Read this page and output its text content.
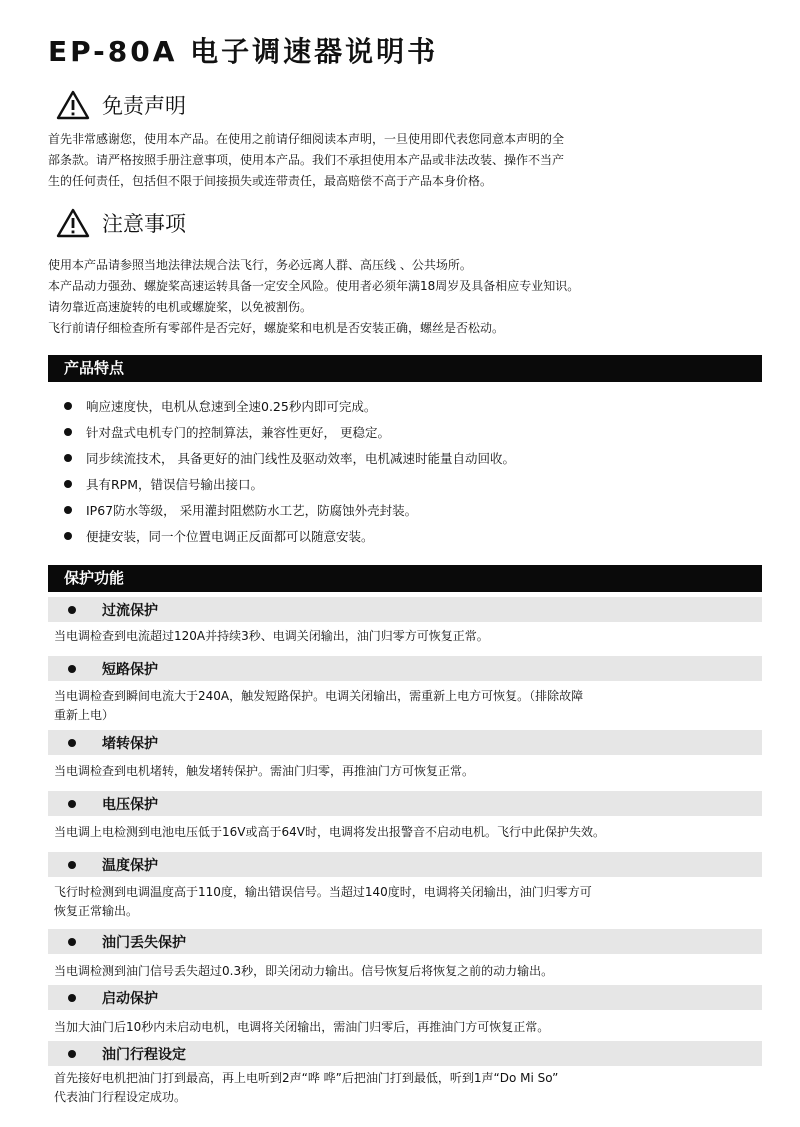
EP-80A 电子调速器说明书
免责声明
首先非常感谢您，使用本产品。在使用之前请仔细阅读本声明，一旦使用即代表您同意本声明的全
部条款。请严格按照手册注意事项，使用本产品。我们不承担使用本产品或非法改装、操作不当产
生的任何责任，包括但不限于间接损失或连带责任，最高赔偿不高于产品本身价格。
注意事项
使用本产品请参照当地法律法规合法飞行，务必远离人群、高压线 、公共场所。
本产品动力强劲、螺旋桨高速运转具备一定安全风险。使用者必须年满18周岁及具备相应专业知识。
请勿靠近高速旋转的电机或螺旋桨，以免被割伤。
飞行前请仔细检查所有零部件是否完好，螺旋桨和电机是否安装正确，螺丝是否松动。
产品特点
响应速度快，电机从怠速到全速0.25秒内即可完成。
针对盘式电机专门的控制算法，兼容性更好， 更稳定。
同步续流技术， 具备更好的油门线性及驱动效率，电机减速时能量自动回收。
具有RPM，错误信号输出接口。
IP67防水等级， 采用灌封阻燃防水工艺，防腐蚀外壳封装。
便捷安装，同一个位置电调正反面都可以随意安装。
保护功能
过流保护
当电调检查到电流超过120A并持续3秒、电调关闭输出，油门归零方可恢复正常。
短路保护
当电调检查到瞬间电流大于240A，触发短路保护。电调关闭输出，需重新上电方可恢复。（排除故障
重新上电）
堵转保护
当电调检查到电机堵转，触发堵转保护。需油门归零，再推油门方可恢复正常。
电压保护
当电调上电检测到电池电压低于16V或高于64V时，电调将发出报警音不启动电机。飞行中此保护失效。
温度保护
飞行时检测到电调温度高于110度，输出错误信号。当超过140度时，电调将关闭输出，油门归零方可
恢复正常输出。
油门丢失保护
当电调检测到油门信号丢失超过0.3秒，即关闭动力输出。信号恢复后将恢复之前的动力输出。
启动保护
当加大油门后10秒内未启动电机，电调将关闭输出，需油门归零后，再推油门方可恢复正常。
油门行程设定
首先接好电机把油门打到最高，再上电听到2声“哗 哗”后把油门打到最低，听到1声“Do Mi So”
代表油门行程设定成功。
